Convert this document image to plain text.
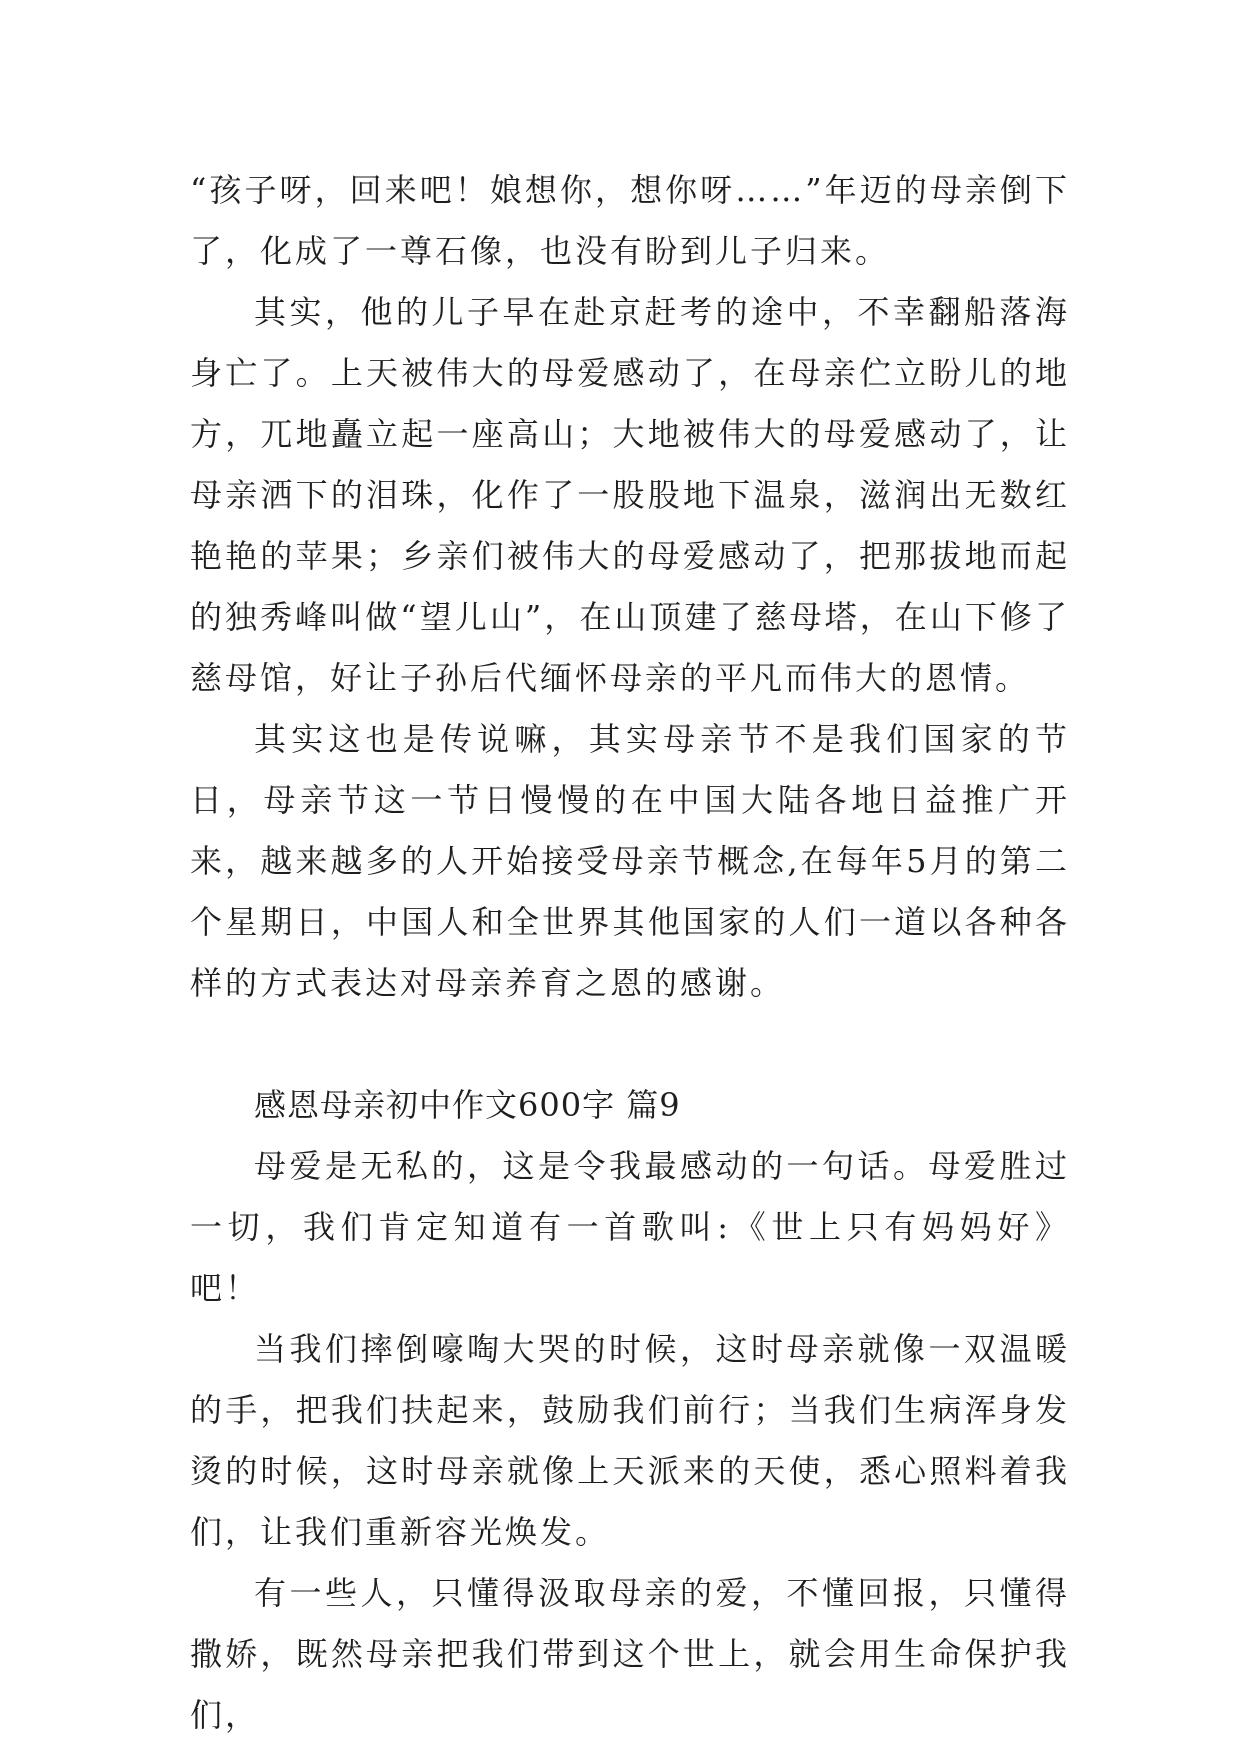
“孩子呀，回来吧！娘想你，想你呀……”年迈的母亲倒下了，化成了一尊石像，也没有盼到儿子归来。

其实，他的儿子早在赴京赶考的途中，不幸翻船落海身亡了。上天被伟大的母爱感动了，在母亲伫立盼儿的地方，兀地矗立起一座高山；大地被伟大的母爱感动了，让母亲洒下的泪珠，化作了一股股地下温泉，滋润出无数红艳艳的苹果；乡亲们被伟大的母爱感动了，把那拔地而起的独秀峰叫做“望儿山”，在山顶建了慈母塔，在山下修了慈母馆，好让子孙后代缅怀母亲的平凡而伟大的恩情。

其实这也是传说嘛，其实母亲节不是我们国家的节日，母亲节这一节日慢慢的在中国大陆各地日益推广开来，越来越多的人开始接受母亲节概念,在每年5月的第二个星期日，中国人和全世界其他国家的人们一道以各种各样的方式表达对母亲养育之恩的感谢。

感恩母亲初中作文600字 篇9

母爱是无私的，这是令我最感动的一句话。母爱胜过一切，我们肯定知道有一首歌叫:《世上只有妈妈好》吧！

当我们摔倒嚎啕大哭的时候，这时母亲就像一双温暖的手，把我们扶起来，鼓励我们前行；当我们生病浑身发烫的时候，这时母亲就像上天派来的天使，悉心照料着我们，让我们重新容光焕发。

有一些人，只懂得汲取母亲的爱，不懂回报，只懂得撒娇，既然母亲把我们带到这个世上，就会用生命保护我们，
